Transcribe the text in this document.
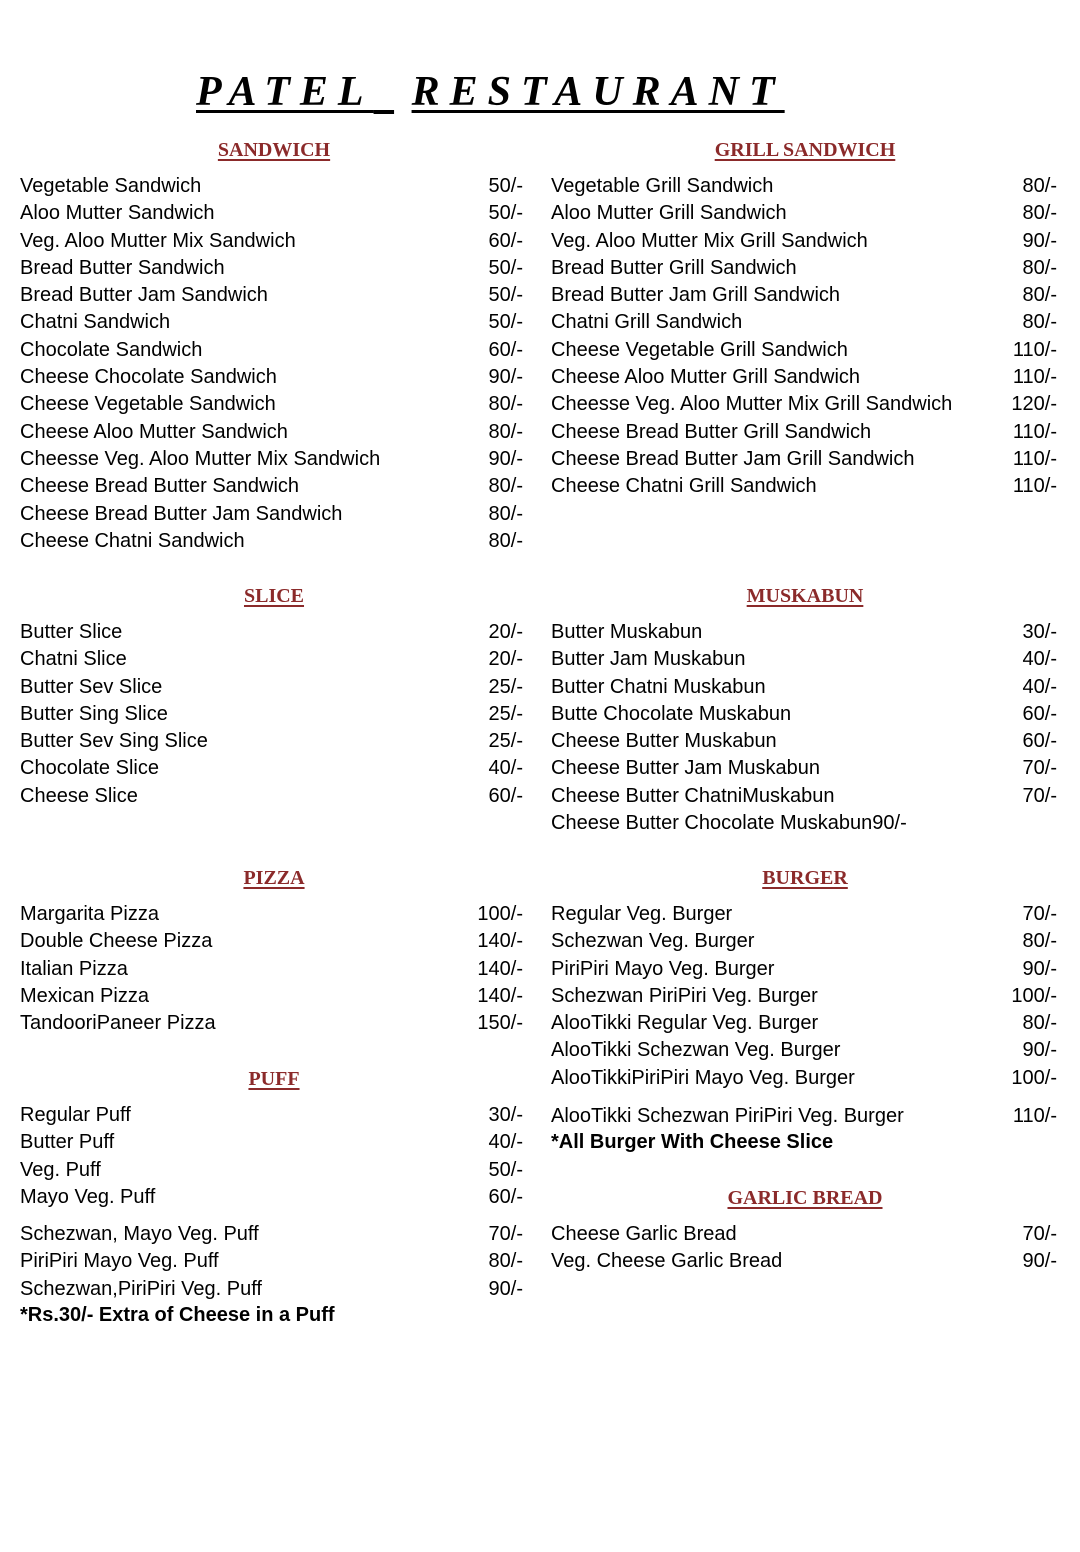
PATEL RESTAURANT
SANDWICH
Vegetable Sandwich	50/-
Aloo Mutter Sandwich	50/-
Veg. Aloo Mutter Mix Sandwich	60/-
Bread Butter Sandwich	50/-
Bread Butter Jam Sandwich	50/-
Chatni Sandwich	50/-
Chocolate Sandwich	60/-
Cheese Chocolate Sandwich	90/-
Cheese Vegetable Sandwich	80/-
Cheese Aloo Mutter Sandwich	80/-
Cheesse Veg. Aloo Mutter Mix Sandwich	90/-
Cheese Bread Butter Sandwich	80/-
Cheese Bread Butter Jam Sandwich	80/-
Cheese Chatni Sandwich	80/-
GRILL SANDWICH
Vegetable Grill Sandwich	80/-
Aloo Mutter Grill Sandwich	80/-
Veg. Aloo Mutter Mix Grill Sandwich	90/-
Bread Butter Grill Sandwich	80/-
Bread Butter Jam Grill Sandwich	80/-
Chatni Grill Sandwich	80/-
Cheese Vegetable Grill Sandwich	110/-
Cheese Aloo Mutter Grill Sandwich	110/-
Cheesse Veg. Aloo Mutter Mix Grill Sandwich	120/-
Cheese Bread Butter Grill Sandwich	110/-
Cheese Bread Butter Jam Grill Sandwich	110/-
Cheese Chatni Grill Sandwich	110/-
SLICE
Butter Slice	20/-
Chatni Slice	20/-
Butter Sev Slice	25/-
Butter Sing Slice	25/-
Butter Sev Sing Slice	25/-
Chocolate Slice	40/-
Cheese Slice	60/-
MUSKABUN
Butter Muskabun	30/-
Butter Jam Muskabun	40/-
Butter Chatni Muskabun	40/-
Butte Chocolate Muskabun	60/-
Cheese Butter Muskabun	60/-
Cheese Butter Jam Muskabun	70/-
Cheese Butter ChatniMuskabun	70/-
Cheese Butter Chocolate Muskabun90/-
PIZZA
Margarita Pizza	100/-
Double Cheese Pizza	140/-
Italian Pizza	140/-
Mexican Pizza	140/-
TandooriPaneer Pizza	150/-
BURGER
Regular Veg. Burger	70/-
Schezwan Veg. Burger	80/-
PiriPiri Mayo Veg. Burger	90/-
Schezwan PiriPiri Veg. Burger	100/-
AlooTikki Regular Veg. Burger	80/-
AlooTikki Schezwan Veg. Burger	90/-
AlooTikkiPiriPiri Mayo Veg. Burger	100/-
AlooTikki Schezwan PiriPiri Veg. Burger	110/-
*All Burger With Cheese Slice
PUFF
Regular Puff	30/-
Butter Puff	40/-
Veg. Puff	50/-
Mayo Veg. Puff	60/-
Schezwan, Mayo Veg. Puff	70/-
PiriPiri Mayo Veg. Puff	80/-
Schezwan,PiriPiri Veg. Puff	90/-
*Rs.30/- Extra of Cheese in a Puff
GARLIC BREAD
Cheese Garlic Bread	70/-
Veg. Cheese Garlic Bread	90/-
